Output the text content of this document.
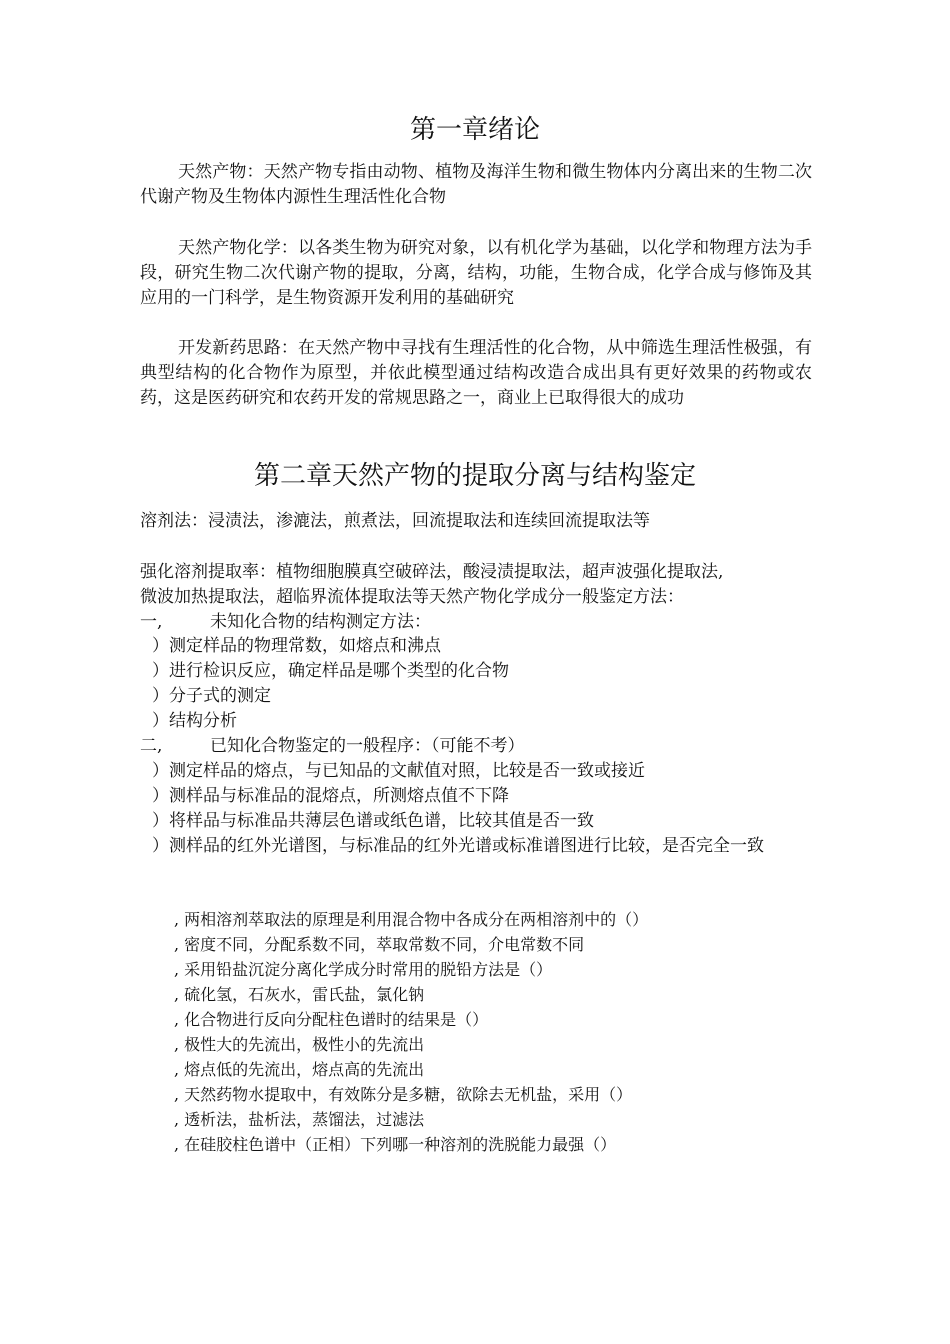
第一章绪论

天然产物：天然产物专指由动物、植物及海洋生物和微生物体内分离出来的生物二次代谢产物及生物体内源性生理活性化合物

天然产物化学：以各类生物为研究对象，以有机化学为基础，以化学和物理方法为手段，研究生物二次代谢产物的提取，分离，结构，功能，生物合成，化学合成与修饰及其应用的一门科学，是生物资源开发利用的基础研究

开发新药思路：在天然产物中寻找有生理活性的化合物，从中筛选生理活性极强，有典型结构的化合物作为原型，并依此模型通过结构改造合成出具有更好效果的药物或农药，这是医药研究和农药开发的常规思路之一，商业上已取得很大的成功

第二章天然产物的提取分离与结构鉴定

溶剂法：浸渍法，渗漉法，煎煮法，回流提取法和连续回流提取法等

强化溶剂提取率：植物细胞膜真空破碎法，酸浸渍提取法，超声波强化提取法,

微波加热提取法，超临界流体提取法等天然产物化学成分一般鉴定方法：

一,	未知化合物的结构测定方法：

）测定样品的物理常数，如熔点和沸点

）进行检识反应，确定样品是哪个类型的化合物

）分子式的测定

）结构分析

二,	已知化合物鉴定的一般程序：（可能不考）

）测定样品的熔点，与已知品的文献值对照，比较是否一致或接近

）测样品与标准品的混熔点，所测熔点值不下降

）将样品与标准品共薄层色谱或纸色谱，比较其值是否一致

）测样品的红外光谱图，与标准品的红外光谱或标准谱图进行比较，是否完全一致

, 两相溶剂萃取法的原理是利用混合物中各成分在两相溶剂中的（）

, 密度不同，分配系数不同，萃取常数不同，介电常数不同

, 采用铅盐沉淀分离化学成分时常用的脱铅方法是（）

, 硫化氢，石灰水，雷氏盐，氯化钠

, 化合物进行反向分配柱色谱时的结果是（）

, 极性大的先流出，极性小的先流出

, 熔点低的先流出，熔点高的先流出

, 天然药物水提取中，有效陈分是多糖，欲除去无机盐，采用（）

, 透析法，盐析法，蒸馏法，过滤法

, 在硅胶柱色谱中（正相）下列哪一种溶剂的洗脱能力最强（）
